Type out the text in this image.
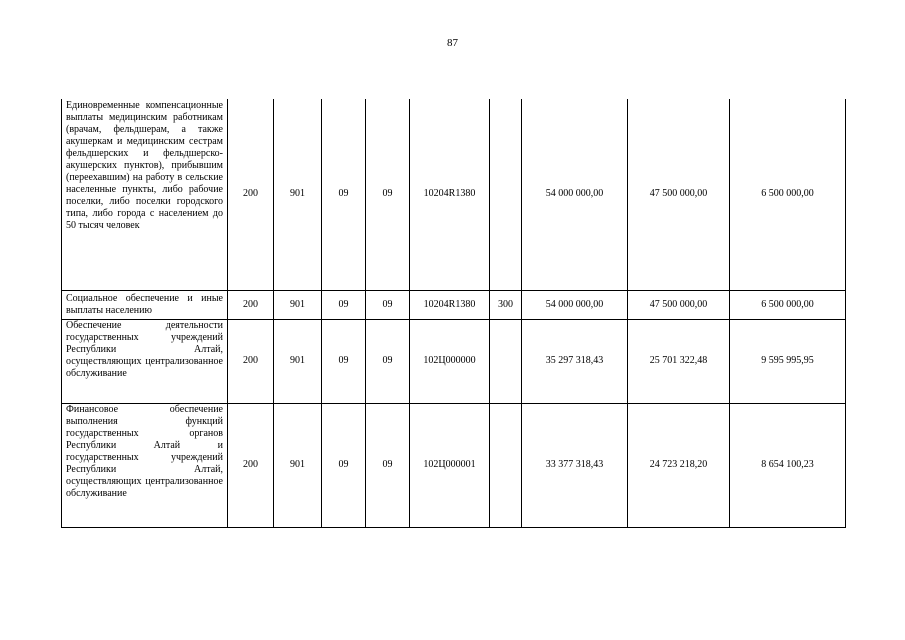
87
Единовременные компенсационные выплаты медицинским работникам (врачам, фельдшерам, а также акушеркам и медицинским сестрам фельдшерских и фельдшерско-акушерских пунктов), прибывшим (переехавшим) на работу в сельские населенные пункты, либо рабочие поселки, либо поселки городского типа, либо города с населением до 50 тысяч человек	200	901	09	09	10204R1380		54 000 000,00	47 500 000,00	6 500 000,00
Социальное обеспечение и иные выплаты населению	200	901	09	09	10204R1380	300	54 000 000,00	47 500 000,00	6 500 000,00
Обеспечение деятельности государственных учреждений Республики Алтай, осуществляющих централизованное обслуживание	200	901	09	09	102Ц000000		35 297 318,43	25 701 322,48	9 595 995,95
Финансовое обеспечение выполнения функций государственных органов Республики Алтай и государственных учреждений Республики Алтай, осуществляющих централизованное обслуживание	200	901	09	09	102Ц000001		33 377 318,43	24 723 218,20	8 654 100,23
